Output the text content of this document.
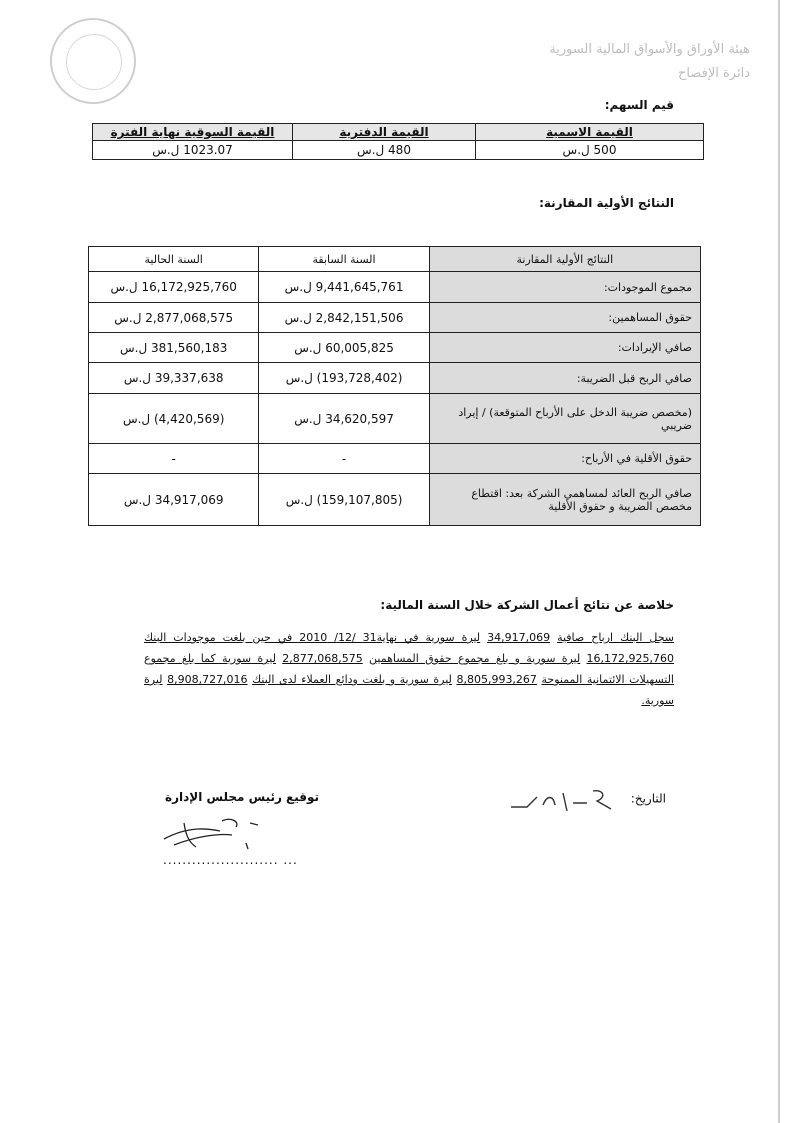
هيئة الأوراق والأسواق المالية السورية
دائرة الإفصاح
قيم السهم:
القيمة الاسمية	القيمة الدفترية	القيمة السوقية نهاية الفترة
500 ل.س	480 ل.س	1023.07 ل.س
النتائج الأولية المقارنة:
النتائج الأولية المقارنة	السنة السابقة	السنة الحالية
مجموع الموجودات:	9,441,645,761 ل.س	16,172,925,760 ل.س
حقوق المساهمين:	2,842,151,506 ل.س	2,877,068,575 ل.س
صافي الإيرادات:	60,005,825 ل.س	381,560,183 ل.س
صافي الربح قبل الضريبة:	(193,728,402) ل.س	39,337,638 ل.س
(مخصص ضريبة الدخل على الأرباح المتوقعة) / إيراد ضريبي	34,620,597 ل.س	(4,420,569) ل.س
حقوق الأقلية في الأرباح:	-	-
صافي الربح العائد لمساهمي الشركة بعد: اقتطاع مخصص الضريبة و حقوق الأقلية	(159,107,805) ل.س	34,917,069 ل.س
خلاصة عن نتائج أعمال الشركة خلال السنة المالية:
سجل البنك ارباح صافية 34,917,069 ليرة سورية في نهاية31 /12/ 2010 في حين بلغت موجودات البنك 16,172,925,760 ليرة سورية و بلغ مجموع حقوق المساهمين 2,877,068,575 ليرة سورية كما بلغ مجموع التسهيلات الائتمانية الممنوحة 8,805,993,267 ليرة سورية و بلغت ودائع العملاء لدى البنك 8,908,727,016 ليرة سورية.
التاريخ:
توقيع رئيس مجلس الإدارة
........................ ...
